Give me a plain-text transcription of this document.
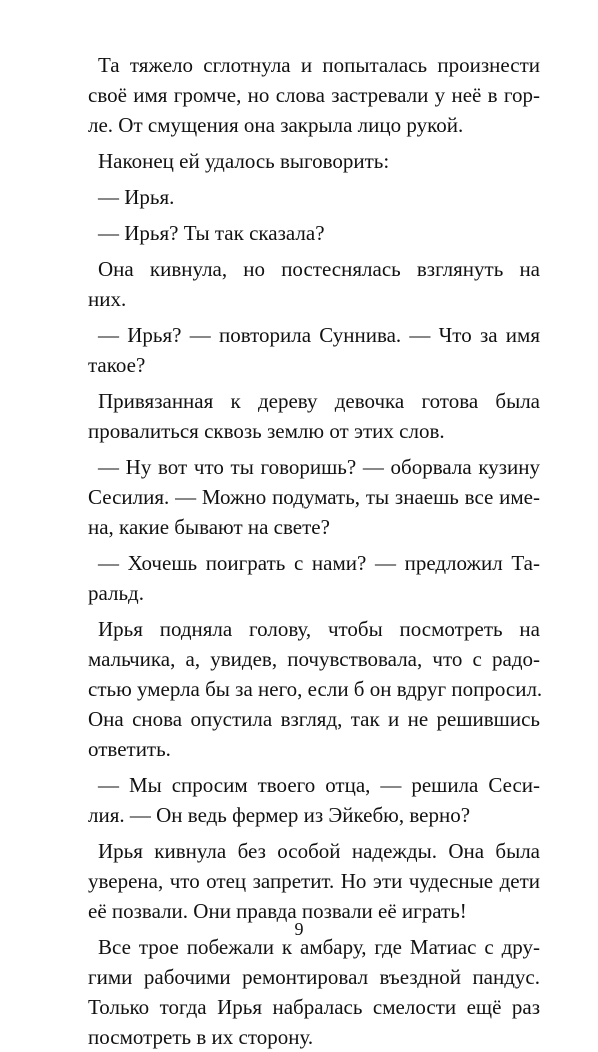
Та тяжело сглотнула и попыталась произнести
своё имя громче, но слова застревали у неё в гор-
ле. От смущения она закрыла лицо рукой.
Наконец ей удалось выговорить:
— Ирья.
— Ирья? Ты так сказала?
Она кивнула, но постеснялась взглянуть на
них.
— Ирья? — повторила Суннива. — Что за имя
такое?
Привязанная к дереву девочка готова была
провалиться сквозь землю от этих слов.
— Ну вот что ты говоришь? — оборвала кузину
Сесилия. — Можно подумать, ты знаешь все име-
на, какие бывают на свете?
— Хочешь поиграть с нами? — предложил Та-
ральд.
Ирья подняла голову, чтобы посмотреть на
мальчика, а, увидев, почувствовала, что с радо-
стью умерла бы за него, если б он вдруг попросил.
Она снова опустила взгляд, так и не решившись
ответить.
— Мы спросим твоего отца, — решила Сеси-
лия. — Он ведь фермер из Эйкебю, верно?
Ирья кивнула без особой надежды. Она была
уверена, что отец запретит. Но эти чудесные дети
её позвали. Они правда позвали её играть!
Все трое побежали к амбару, где Матиас с дру-
гими рабочими ремонтировал въездной пандус.
Только тогда Ирья набралась смелости ещё раз
посмотреть в их сторону.
9
